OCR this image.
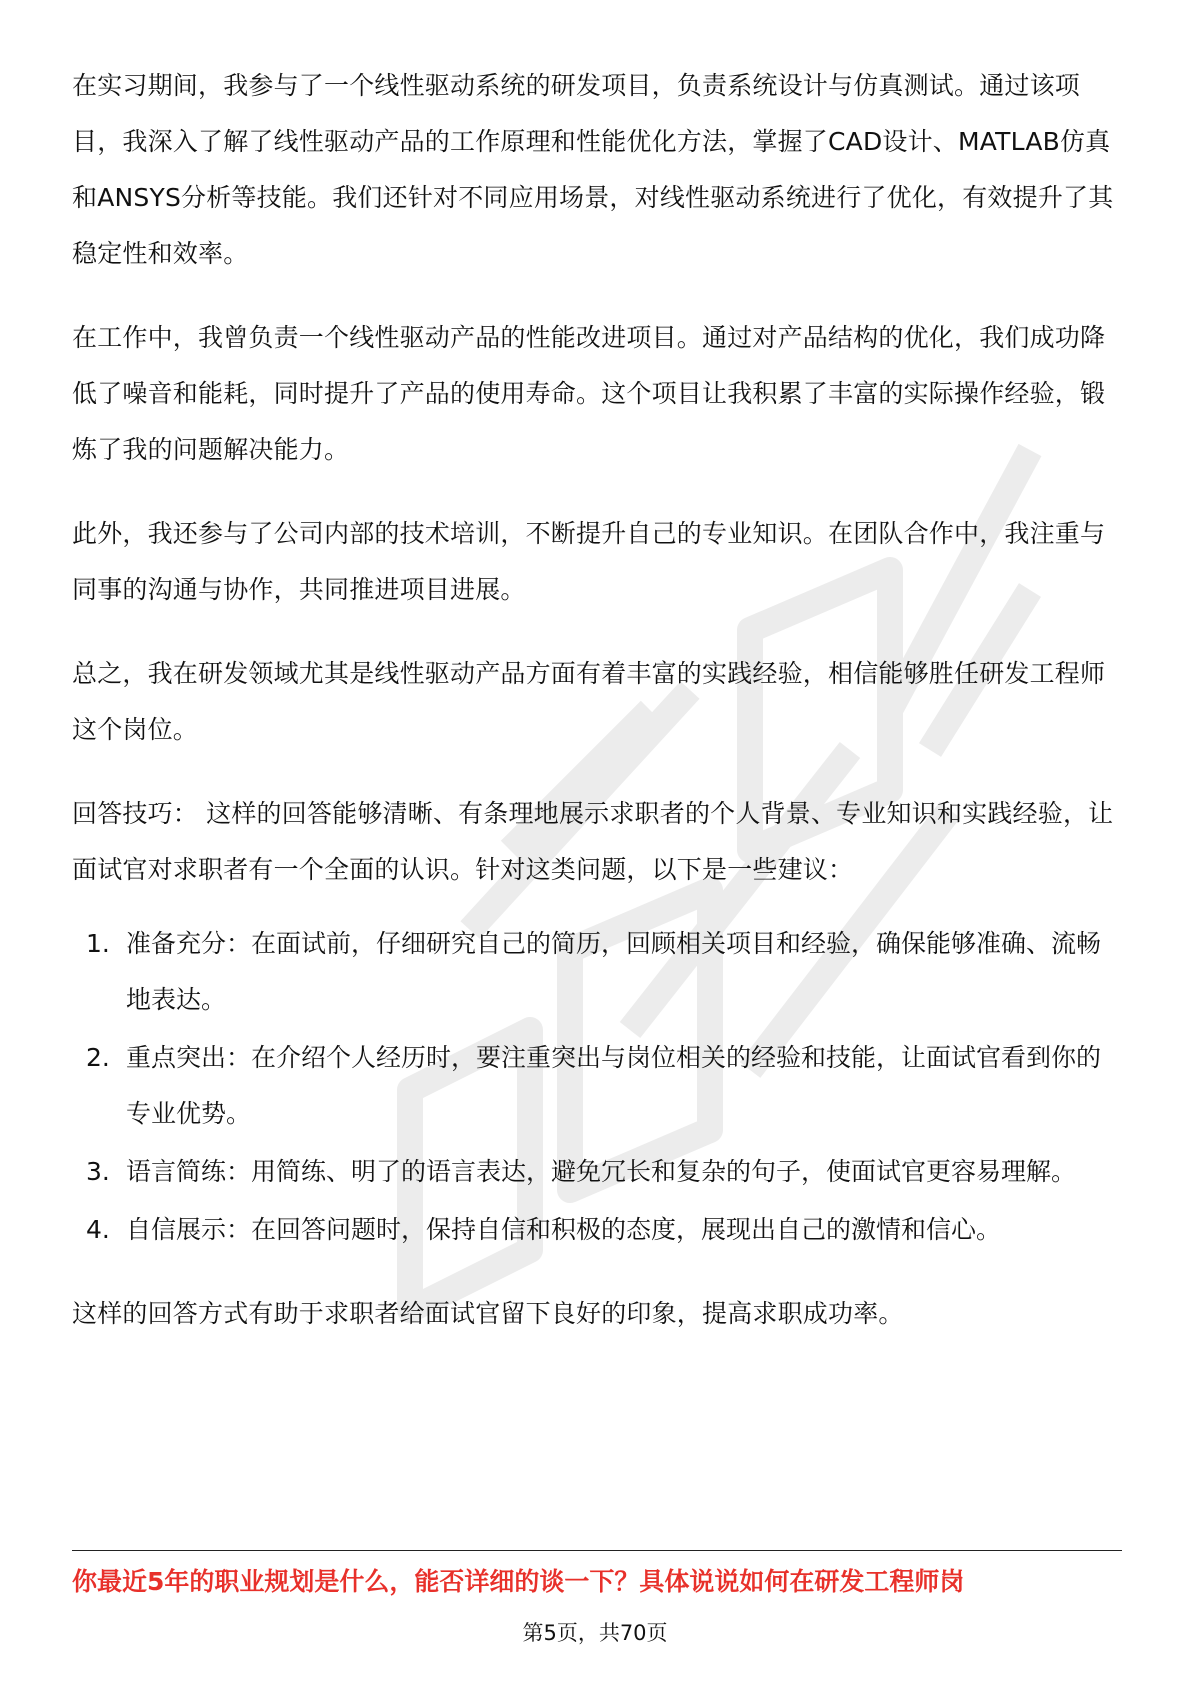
在实习期间，我参与了一个线性驱动系统的研发项目，负责系统设计与仿真测试。通过该项目，我深入了解了线性驱动产品的工作原理和性能优化方法，掌握了CAD设计、MATLAB仿真和ANSYS分析等技能。我们还针对不同应用场景，对线性驱动系统进行了优化，有效提升了其稳定性和效率。

在工作中，我曾负责一个线性驱动产品的性能改进项目。通过对产品结构的优化，我们成功降低了噪音和能耗，同时提升了产品的使用寿命。这个项目让我积累了丰富的实际操作经验，锻炼了我的问题解决能力。

此外，我还参与了公司内部的技术培训，不断提升自己的专业知识。在团队合作中，我注重与同事的沟通与协作，共同推进项目进展。

总之，我在研发领域尤其是线性驱动产品方面有着丰富的实践经验，相信能够胜任研发工程师这个岗位。

回答技巧： 这样的回答能够清晰、有条理地展示求职者的个人背景、专业知识和实践经验，让面试官对求职者有一个全面的认识。针对这类问题，以下是一些建议：

1. 准备充分：在面试前，仔细研究自己的简历，回顾相关项目和经验，确保能够准确、流畅地表达。
2. 重点突出：在介绍个人经历时，要注重突出与岗位相关的经验和技能，让面试官看到你的专业优势。
3. 语言简练：用简练、明了的语言表达，避免冗长和复杂的句子，使面试官更容易理解。
4. 自信展示：在回答问题时，保持自信和积极的态度，展现出自己的激情和信心。

这样的回答方式有助于求职者给面试官留下良好的印象，提高求职成功率。

你最近5年的职业规划是什么，能否详细的谈一下？具体说说如何在研发工程师岗
第5页，共70页
